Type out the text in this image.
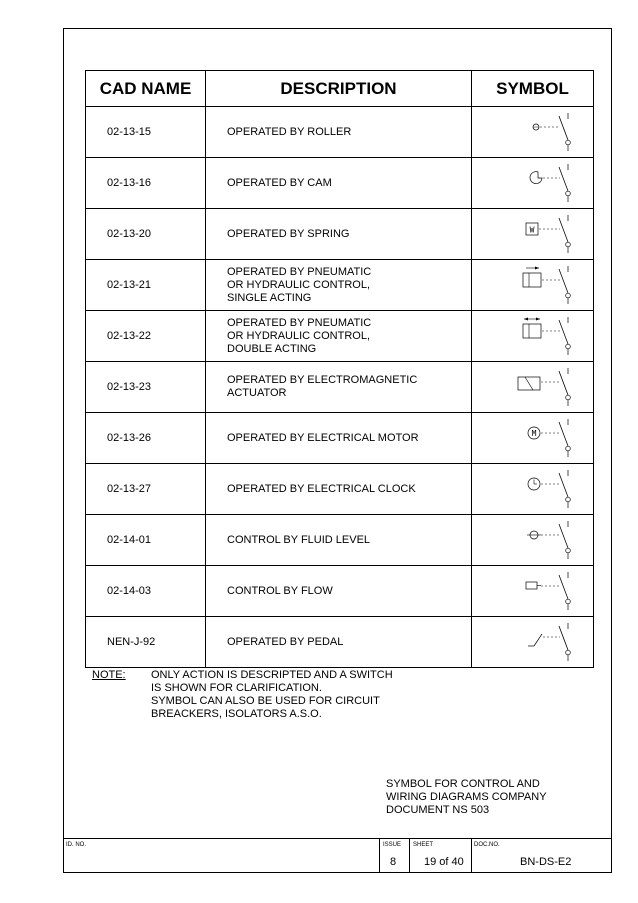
CAD NAME	DESCRIPTION	SYMBOL
02-13-15	OPERATED BY ROLLER

02-13-16	OPERATED BY CAM

02-13-20	OPERATED BY SPRING	W

02-13-21	OPERATED BY PNEUMATIC
OR HYDRAULIC CONTROL,
SINGLE ACTING

02-13-22	OPERATED BY PNEUMATIC
OR HYDRAULIC CONTROL,
DOUBLE ACTING

02-13-23	OPERATED BY ELECTROMAGNETIC
ACTUATOR

02-13-26	OPERATED BY ELECTRICAL MOTOR	M

02-13-27	OPERATED BY ELECTRICAL CLOCK

02-14-01	CONTROL BY FLUID LEVEL

02-14-03	CONTROL BY FLOW

NEN-J-92	OPERATED BY PEDAL

NOTE: ONLY ACTION IS DESCRIPTED AND A SWITCH
IS SHOWN FOR CLARIFICATION.
SYMBOL CAN ALSO BE USED FOR CIRCUIT
BREACKERS, ISOLATORS A.S.O.
SYMBOL FOR CONTROL AND
WIRING DIAGRAMS COMPANY
DOCUMENT NS 503
ID. NO.	ISSUE SHEET	DOC.NO.
8	19 of 40	BN-DS-E2
